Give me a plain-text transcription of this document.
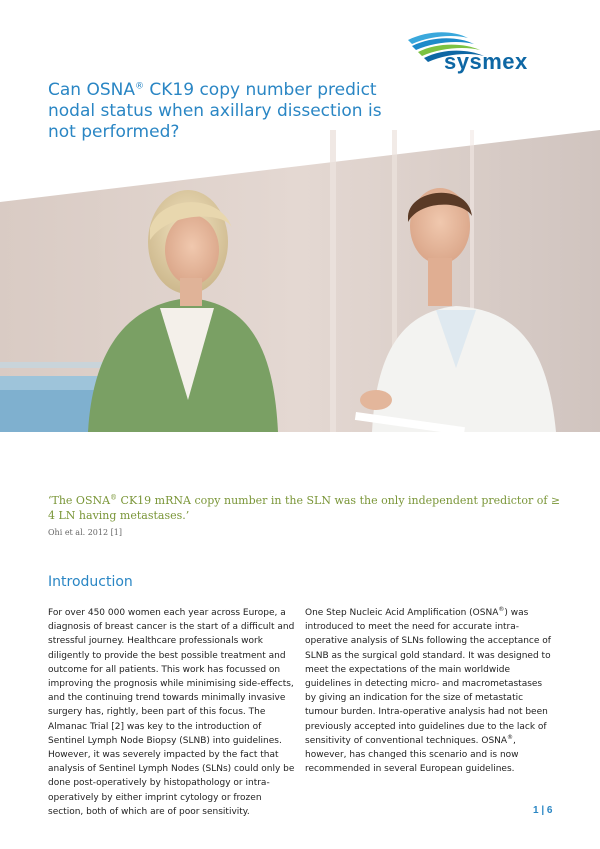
sysmex
Can OSNA® CK19 copy number predict nodal status when axillary dissection is not performed?

‘The OSNA® CK19 mRNA copy number in the SLN was the only independent predictor of ≥ 4 LN having metastases.’

Ohi et al. 2012 [1]
Introduction

For over 450 000 women each year across Europe, a diagnosis of breast cancer is the start of a difficult and stressful journey. Healthcare professionals work diligently to provide the best possible treatment and outcome for all patients. This work has focussed on improving the prognosis while minimising side-effects, and the continuing trend towards minimally invasive surgery has, rightly, been part of this focus. The Almanac Trial [2] was key to the introduction of Sentinel Lymph Node Biopsy (SLNB) into guidelines. However, it was severely impacted by the fact that analysis of Sentinel Lymph Nodes (SLNs) could only be done post-operatively by histopathology or intra-operatively by either imprint cytology or frozen section, both of which are of poor sensitivity.

One Step Nucleic Acid Amplification (OSNA®) was introduced to meet the need for accurate intra-operative analysis of SLNs following the acceptance of SLNB as the surgical gold standard. It was designed to meet the expectations of the main worldwide guidelines in detecting micro- and macrometastases by giving an indication for the size of metastatic tumour burden. Intra-operative analysis had not been previously accepted into guidelines due to the lack of sensitivity of conventional techniques. OSNA®, however, has changed this scenario and is now recommended in several European guidelines.

1 | 6
